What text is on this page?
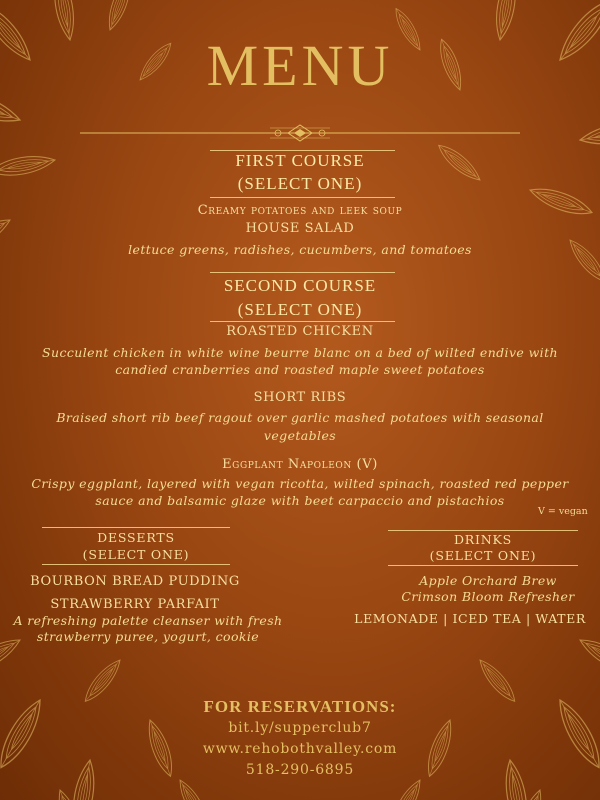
MENU
FIRST COURSE
(SELECT ONE)
Creamy potatoes and leek soup
HOUSE SALAD
lettuce greens, radishes, cucumbers, and tomatoes
SECOND COURSE
(SELECT ONE)
ROASTED CHICKEN
Succulent chicken in white wine beurre blanc on a bed of wilted endive with
candied cranberries and roasted maple sweet potatoes
SHORT RIBS
Braised short rib beef ragout over garlic mashed potatoes with seasonal
vegetables
Eggplant Napoleon (V)
Crispy eggplant, layered with vegan ricotta, wilted spinach, roasted red pepper
sauce and balsamic glaze with beet carpaccio and pistachios
V = vegan
DESSERTS
(SELECT ONE)
BOURBON BREAD PUDDING
STRAWBERRY PARFAIT
A refreshing palette cleanser with fresh
strawberry puree, yogurt, cookie
DRINKS
(SELECT ONE)
Apple Orchard Brew
Crimson Bloom Refresher
LEMONADE | ICED TEA | WATER
FOR RESERVATIONS:
bit.ly/supperclub7
www.rehobothvalley.com
518-290-6895
